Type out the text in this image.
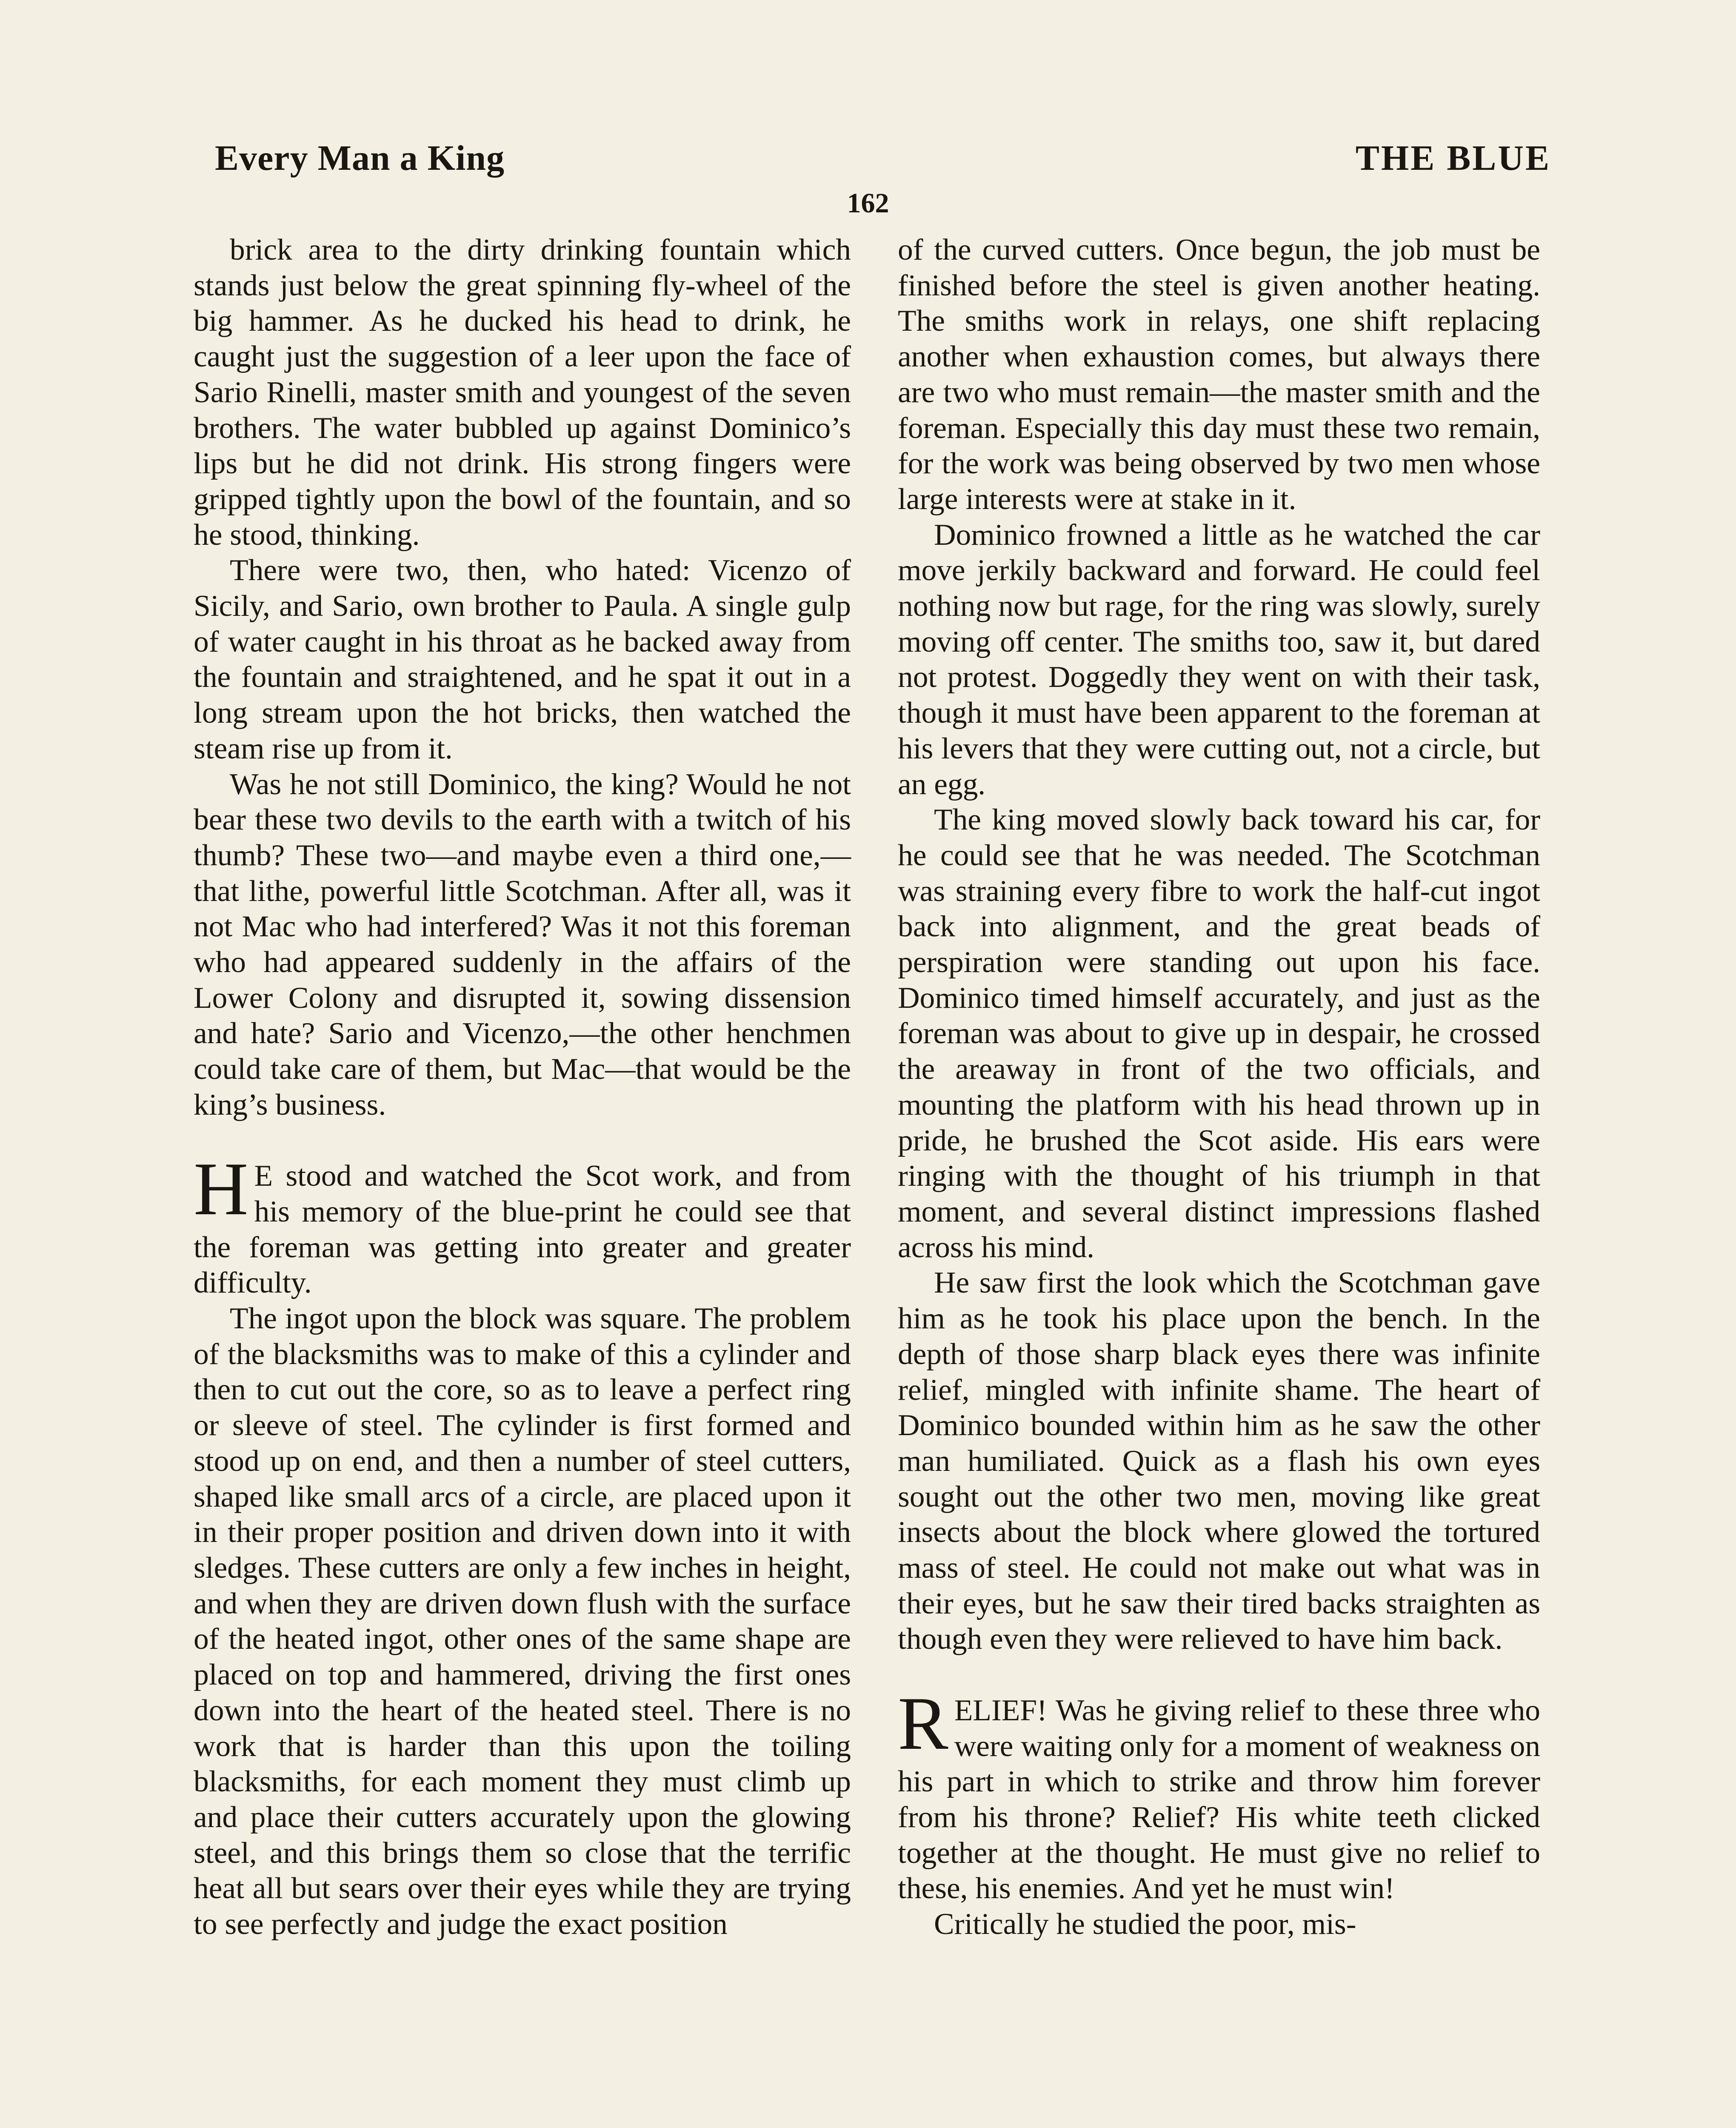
Every Man a King	THE BLUE
162

brick area to the dirty drinking fountain which stands just below the great spinning fly-wheel of the big hammer. As he ducked his head to drink, he caught just the suggestion of a leer upon the face of Sario Rinelli, master smith and youngest of the seven brothers. The water bubbled up against Dominico’s lips but he did not drink. His strong fingers were gripped tightly upon the bowl of the fountain, and so he stood, thinking.

There were two, then, who hated: Vicenzo of Sicily, and Sario, own brother to Paula. A single gulp of water caught in his throat as he backed away from the fountain and straightened, and he spat it out in a long stream upon the hot bricks, then watched the steam rise up from it.

Was he not still Dominico, the king? Would he not bear these two devils to the earth with a twitch of his thumb? These two—and maybe even a third one,—that lithe, powerful little Scotchman. After all, was it not Mac who had interfered? Was it not this foreman who had appeared suddenly in the affairs of the Lower Colony and disrupted it, sowing dissension and hate? Sario and Vicenzo,—the other henchmen could take care of them, but Mac—that would be the king’s business.

H E stood and watched the Scot work, and from his memory of the blue-print he could see that the foreman was getting into greater and greater difficulty.

The ingot upon the block was square. The problem of the blacksmiths was to make of this a cylinder and then to cut out the core, so as to leave a perfect ring or sleeve of steel. The cylinder is first formed and stood up on end, and then a number of steel cutters, shaped like small arcs of a circle, are placed upon it in their proper position and driven down into it with sledges. These cutters are only a few inches in height, and when they are driven down flush with the surface of the heated ingot, other ones of the same shape are placed on top and hammered, driving the first ones down into the heart of the heated steel. There is no work that is harder than this upon the toiling blacksmiths, for each moment they must climb up and place their cutters accurately upon the glowing steel, and this brings them so close that the terrific heat all but sears over their eyes while they are trying to see perfectly and judge the exact position

of the curved cutters. Once begun, the job must be finished before the steel is given another heating. The smiths work in relays, one shift replacing another when exhaustion comes, but always there are two who must remain—the master smith and the foreman. Especially this day must these two remain, for the work was being observed by two men whose large interests were at stake in it.

Dominico frowned a little as he watched the car move jerkily backward and forward. He could feel nothing now but rage, for the ring was slowly, surely moving off center. The smiths too, saw it, but dared not protest. Doggedly they went on with their task, though it must have been apparent to the foreman at his levers that they were cutting out, not a circle, but an egg.

The king moved slowly back toward his car, for he could see that he was needed. The Scotchman was straining every fibre to work the half-cut ingot back into alignment, and the great beads of perspiration were standing out upon his face. Dominico timed himself accurately, and just as the foreman was about to give up in despair, he crossed the areaway in front of the two officials, and mounting the platform with his head thrown up in pride, he brushed the Scot aside. His ears were ringing with the thought of his triumph in that moment, and several distinct impressions flashed across his mind.

He saw first the look which the Scotchman gave him as he took his place upon the bench. In the depth of those sharp black eyes there was infinite relief, mingled with infinite shame. The heart of Dominico bounded within him as he saw the other man humiliated. Quick as a flash his own eyes sought out the other two men, moving like great insects about the block where glowed the tortured mass of steel. He could not make out what was in their eyes, but he saw their tired backs straighten as though even they were relieved to have him back.

RELIEF! Was he giving relief to these three who were waiting only for a moment of weakness on his part in which to strike and throw him forever from his throne? Relief? His white teeth clicked together at the thought. He must give no relief to these, his enemies. And yet he must win!

Critically he studied the poor, mis-
